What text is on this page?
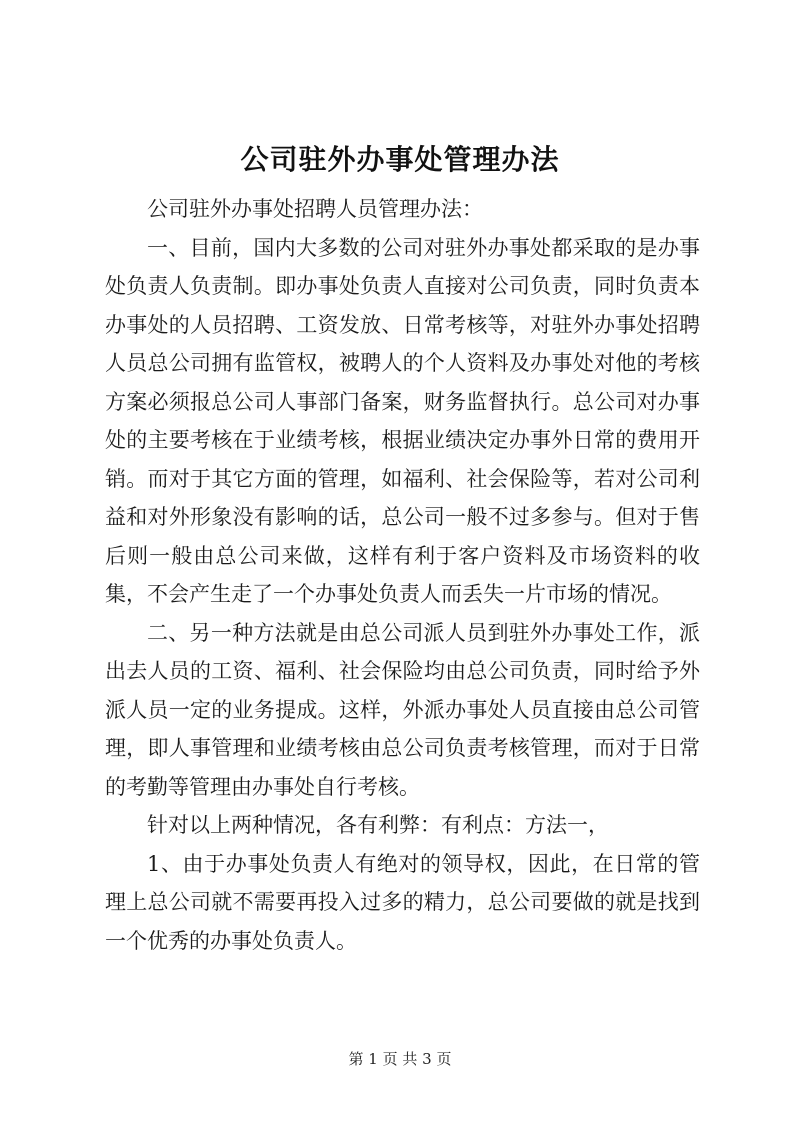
公司驻外办事处管理办法

公司驻外办事处招聘人员管理办法：

一、目前，国内大多数的公司对驻外办事处都采取的是办事处负责人负责制。即办事处负责人直接对公司负责，同时负责本办事处的人员招聘、工资发放、日常考核等，对驻外办事处招聘人员总公司拥有监管权，被聘人的个人资料及办事处对他的考核方案必须报总公司人事部门备案，财务监督执行。总公司对办事处的主要考核在于业绩考核，根据业绩决定办事外日常的费用开销。而对于其它方面的管理，如福利、社会保险等，若对公司利益和对外形象没有影响的话，总公司一般不过多参与。但对于售后则一般由总公司来做，这样有利于客户资料及市场资料的收集，不会产生走了一个办事处负责人而丢失一片市场的情况。

二、另一种方法就是由总公司派人员到驻外办事处工作，派出去人员的工资、福利、社会保险均由总公司负责，同时给予外派人员一定的业务提成。这样，外派办事处人员直接由总公司管理，即人事管理和业绩考核由总公司负责考核管理，而对于日常的考勤等管理由办事处自行考核。

针对以上两种情况，各有利弊：有利点：方法一，

1、由于办事处负责人有绝对的领导权，因此，在日常的管理上总公司就不需要再投入过多的精力，总公司要做的就是找到一个优秀的办事处负责人。

第 1 页 共 3 页
